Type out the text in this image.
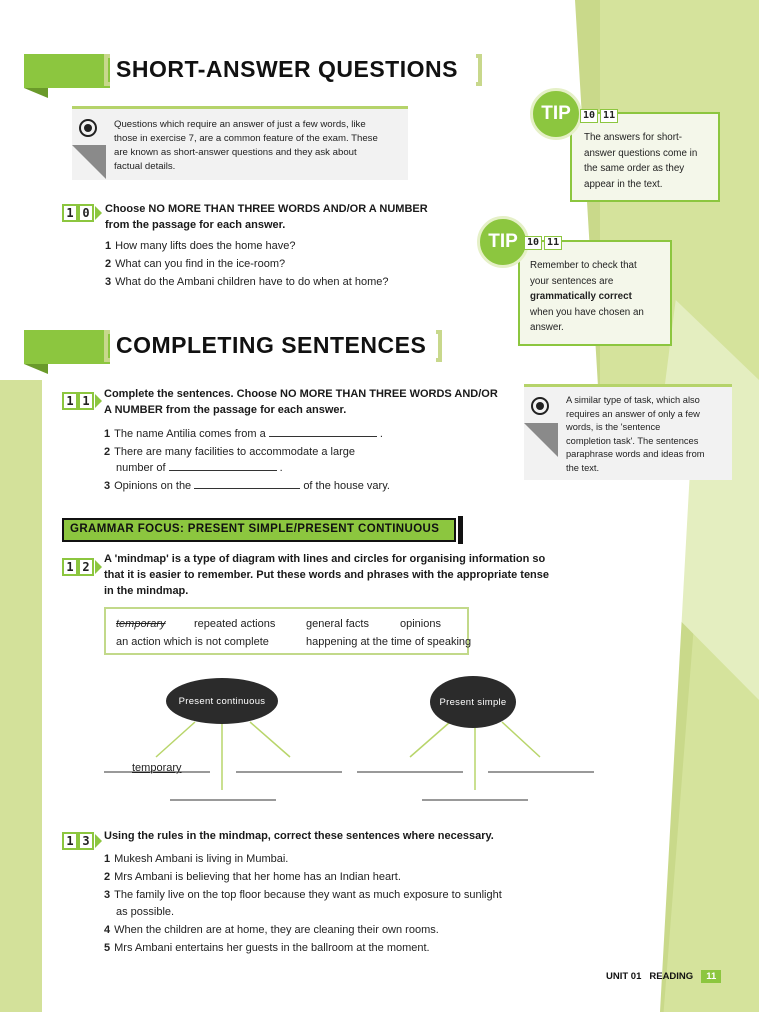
SHORT-ANSWER QUESTIONS
Questions which require an answer of just a few words, like
those in exercise 7, are a common feature of the exam. These
are known as short-answer questions and they ask about
factual details.
The answers for short-
answer questions come in
the same order as they
appear in the text.
TIP	10 11
1 0	Choose NO MORE THAN THREE WORDS AND/OR A NUMBER
from the passage for each answer.
1 How many lifts does the home have?
2 What can you find in the ice-room?
3 What do the Ambani children have to do when at home?
Remember to check that
your sentences are
grammatically correct
when you have chosen an
answer.
TIP 10 11
COMPLETING SENTENCES
1 1	Complete the sentences. Choose NO MORE THAN THREE WORDS AND/OR
A NUMBER from the passage for each answer.
1 The name Antilia comes from a	.
2 There are many facilities to accommodate a large
number of	.
3 Opinions on the	of the house vary.
A similar type of task, which also
requires an answer of only a few
words, is the 'sentence
completion task'. The sentences
paraphrase words and ideas from
the text.
GRAMMAR FOCUS: PRESENT SIMPLE/PRESENT CONTINUOUS
1 2
A 'mindmap' is a type of diagram with lines and circles for organising information so
that it is easier to remember. Put these words and phrases with the appropriate tense
in the mindmap.
temporary	repeated actions	general facts	opinions
an action which is not complete	happening at the time of speaking
Present continuous	Present simple
temporary
1 3	Using the rules in the mindmap, correct these sentences where necessary.
1 Mukesh Ambani is living in Mumbai.
2 Mrs Ambani is believing that her home has an Indian heart.
3 The family live on the top floor because they want as much exposure to sunlight
as possible.
4 When the children are at home, they are cleaning their own rooms.
5 Mrs Ambani entertains her guests in the ballroom at the moment.
UNIT 01 READING	11
